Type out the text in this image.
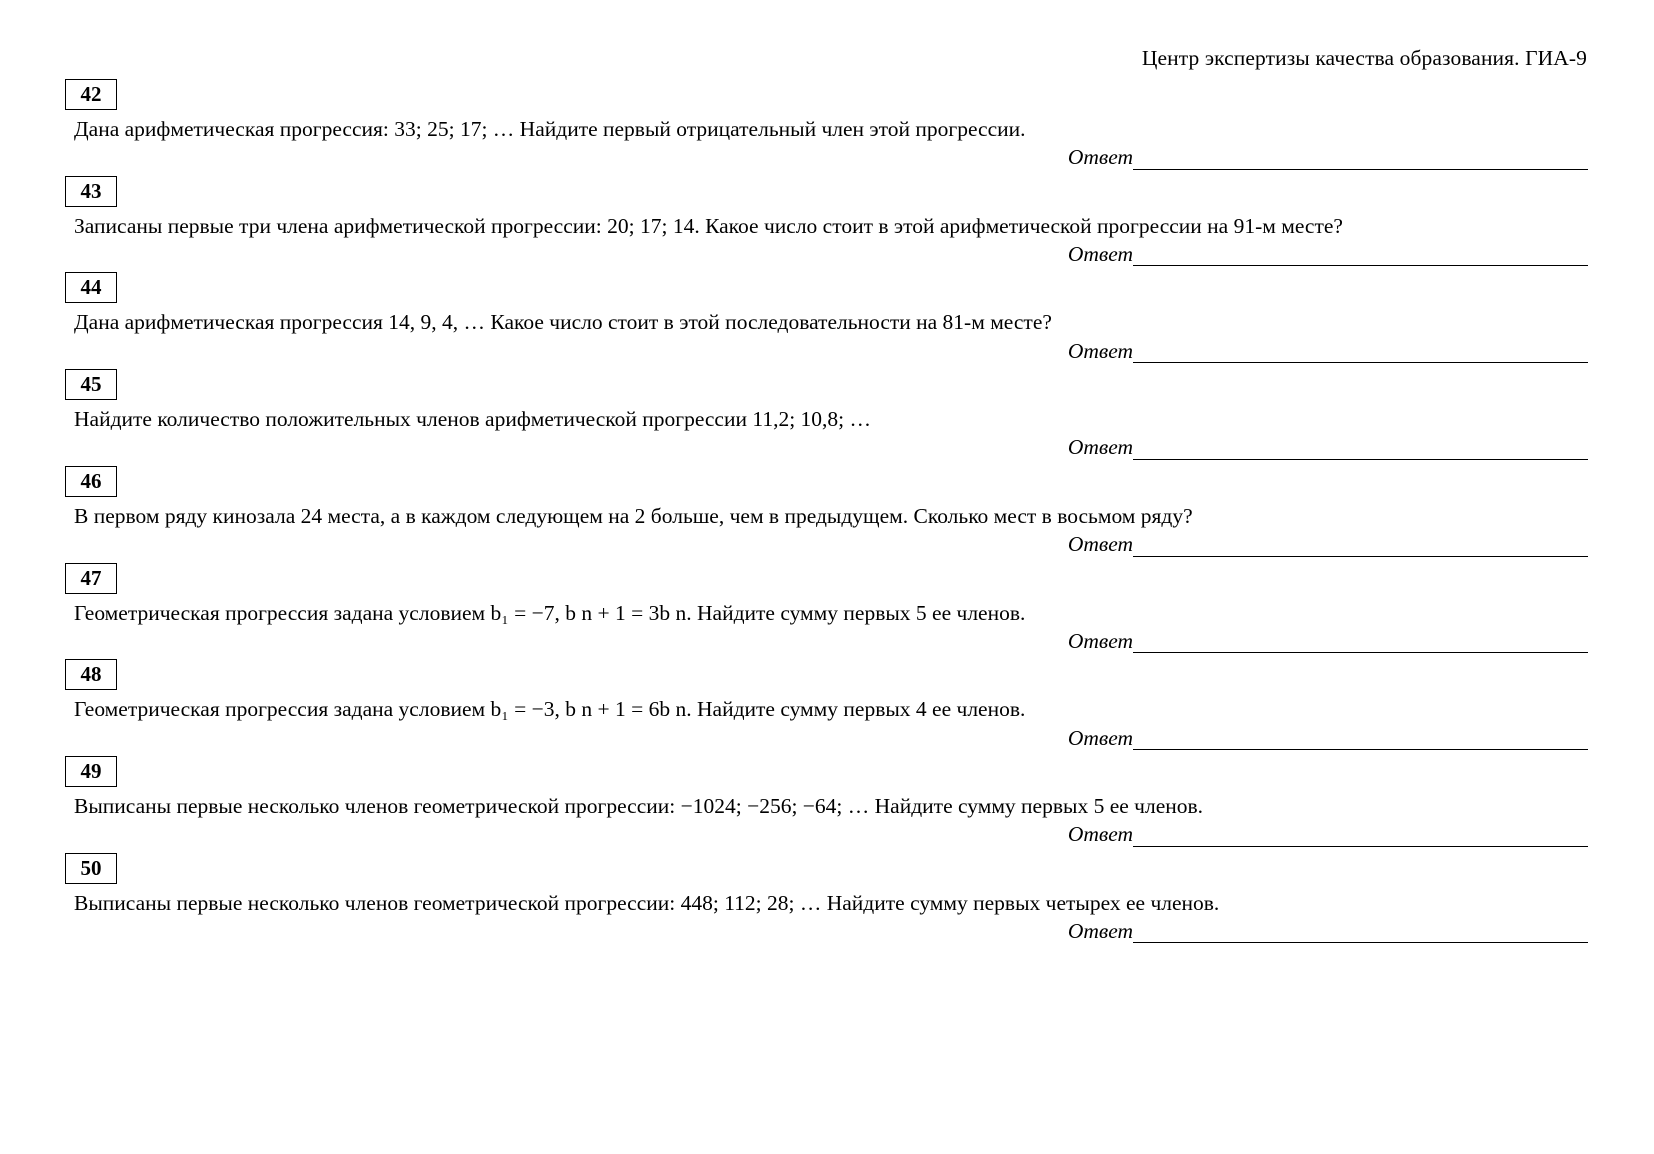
Центр экспертизы качества образования. ГИА-9
42

Дана арифметическая прогрессия: 33; 25; 17; … Найдите первый отрицательный член этой прогрессии.

Ответ
43

Записаны первые три члена арифметической прогрессии: 20; 17; 14. Какое число стоит в этой арифметической прогрессии на 91-м месте?

Ответ
44

Дана арифметическая прогрессия 14, 9, 4, … Какое число стоит в этой последовательности на 81-м месте?

Ответ
45

Найдите количество положительных членов арифметической прогрессии 11,2; 10,8; …

Ответ
46

В первом ряду кинозала 24 места, а в каждом следующем на 2 больше, чем в предыдущем. Сколько мест в восьмом ряду?

Ответ
47

Геометрическая прогрессия задана условием b₁ = −7, b n + 1 = 3b n. Найдите сумму первых 5 ее членов.

Ответ
48

Геометрическая прогрессия задана условием b₁ = −3, b n + 1 = 6b n. Найдите сумму первых 4 ее членов.

Ответ
49

Выписаны первые несколько членов геометрической прогрессии: −1024; −256; −64; … Найдите сумму первых 5 ее членов.

Ответ
50

Выписаны первые несколько членов геометрической прогрессии: 448; 112; 28; … Найдите сумму первых четырех ее членов.

Ответ
